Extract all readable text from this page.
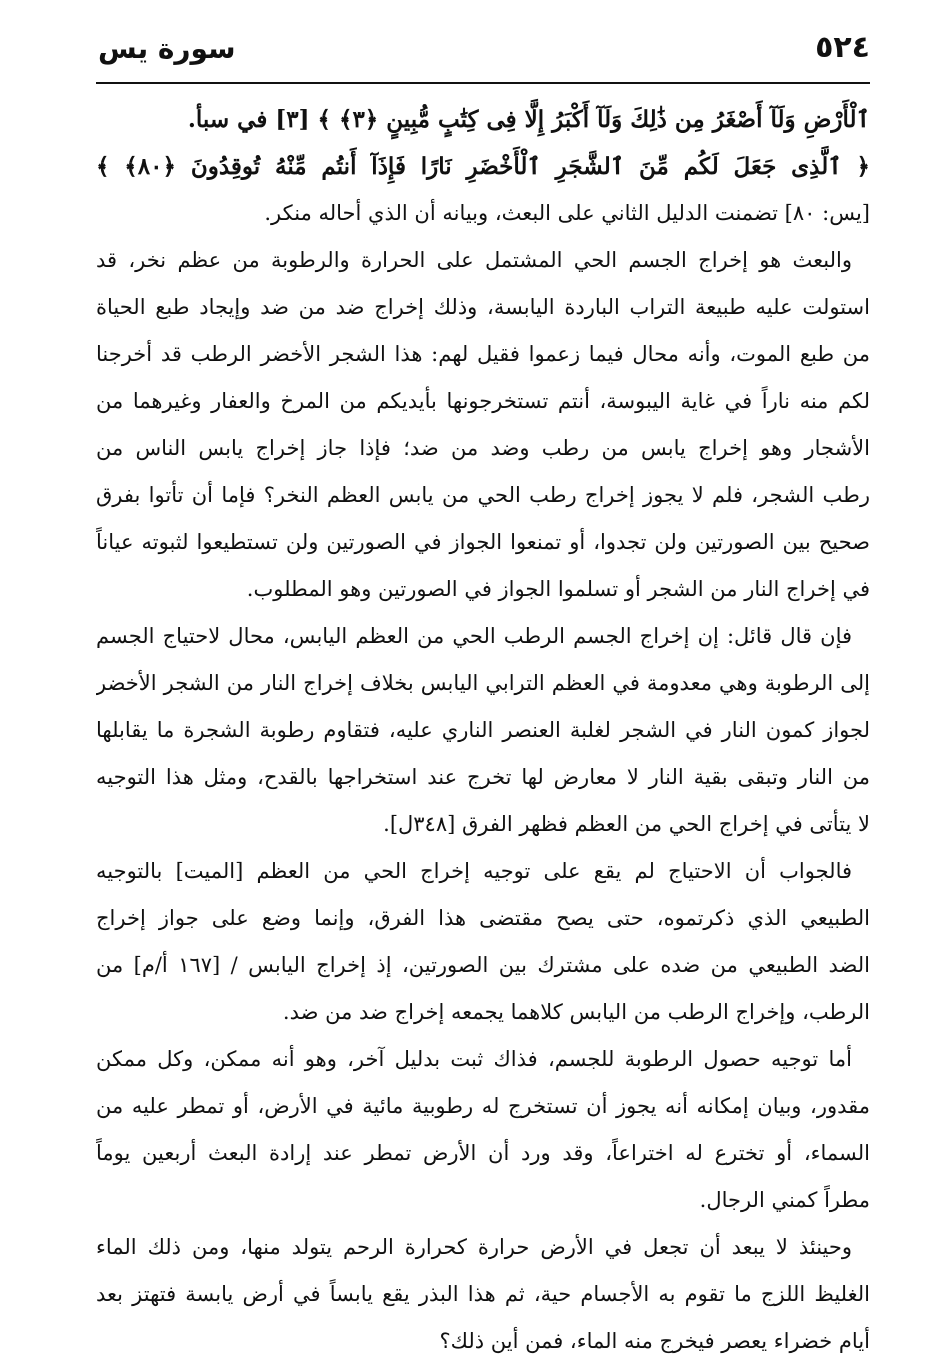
٥٢٤
سورة يس
ٱلْأَرْضِ وَلَآ أَصْغَرُ مِن ذَٰلِكَ وَلَآ أَكْبَرُ إِلَّا فِى كِتَٰبٍ مُّبِينٍ ﴿٣﴾ ﴾ [٣] في سبأ.
﴿ ٱلَّذِى جَعَلَ لَكُم مِّنَ ٱلشَّجَرِ ٱلْأَخْضَرِ نَارًا فَإِذَآ أَنتُم مِّنْهُ تُوقِدُونَ ﴿٨٠﴾ ﴾
[يس: ٨٠] تضمنت الدليل الثاني على البعث، وبيانه أن الذي أحاله منكر.
والبعث هو إخراج الجسم الحي المشتمل على الحرارة والرطوبة من عظم نخر، قد
استولت عليه طبيعة التراب الباردة اليابسة، وذلك إخراج ضد من ضد وإيجاد طبع الحياة
من طبع الموت، وأنه محال فيما زعموا فقيل لهم: هذا الشجر الأخضر الرطب قد أخرجنا
لكم منه ناراً في غاية اليبوسة، أنتم تستخرجونها بأيديكم من المرخ والعفار وغيرهما من
الأشجار وهو إخراج يابس من رطب وضد من ضد؛ فإذا جاز إخراج يابس الناس من
رطب الشجر، فلم لا يجوز إخراج رطب الحي من يابس العظم النخر؟ فإما أن تأتوا بفرق
صحيح بين الصورتين ولن تجدوا، أو تمنعوا الجواز في الصورتين ولن تستطيعوا لثبوته عياناً
في إخراج النار من الشجر أو تسلموا الجواز في الصورتين وهو المطلوب.
فإن قال قائل: إن إخراج الجسم الرطب الحي من العظم اليابس، محال لاحتياج الجسم
إلى الرطوبة وهي معدومة في العظم الترابي اليابس بخلاف إخراج النار من الشجر الأخضر
لجواز كمون النار في الشجر لغلبة العنصر الناري عليه، فتقاوم رطوبة الشجرة ما يقابلها
من النار وتبقى بقية النار لا معارض لها تخرج عند استخراجها بالقدح، ومثل هذا التوجيه
لا يتأتى في إخراج الحي من العظم فظهر الفرق [٣٤٨ل].
فالجواب أن الاحتياج لم يقع على توجيه إخراج الحي من العظم [الميت] بالتوجيه
الطبيعي الذي ذكرتموه، حتى يصح مقتضى هذا الفرق، وإنما وضع على جواز إخراج
الضد الطبيعي من ضده على مشترك بين الصورتين، إذ إخراج اليابس / [١٦٧ أ/م] من
الرطب، وإخراج الرطب من اليابس كلاهما يجمعه إخراج ضد من ضد.
أما توجيه حصول الرطوبة للجسم، فذاك ثبت بدليل آخر، وهو أنه ممكن، وكل ممكن
مقدور، وبيان إمكانه أنه يجوز أن تستخرج له رطوبية مائية في الأرض، أو تمطر عليه من
السماء، أو تخترع له اختراعاً، وقد ورد أن الأرض تمطر عند إرادة البعث أربعين يوماً
مطراً كمني الرجال.
وحينئذ لا يبعد أن تجعل في الأرض حرارة كحرارة الرحم يتولد منها، ومن ذلك الماء
الغليظ اللزج ما تقوم به الأجسام حية، ثم هذا البذر يقع يابساً في أرض يابسة فتهتز بعد
أيام خضراء يعصر فيخرج منه الماء، فمن أين ذلك؟
